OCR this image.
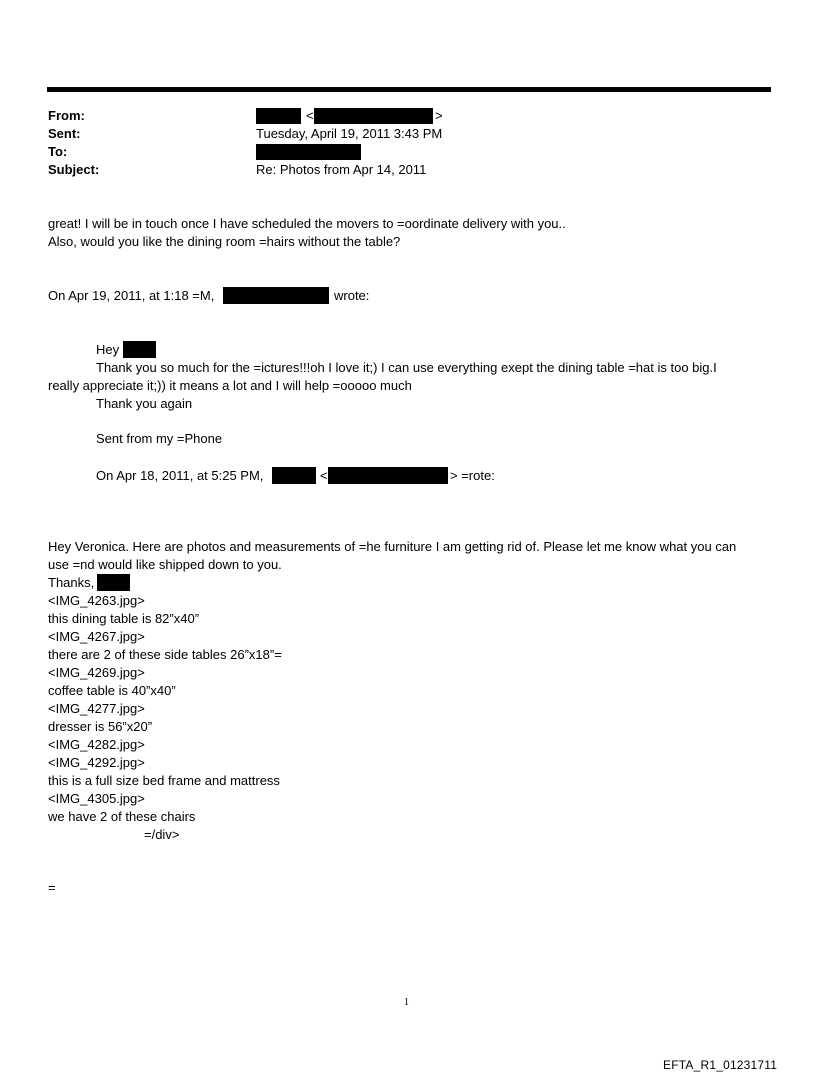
From:	<	>
Sent:	Tuesday, April 19, 2011 3:43 PM
To:
Subject:	Re: Photos from Apr 14, 2011
great! I will be in touch once I have scheduled the movers to =oordinate delivery with you..
Also, would you like the dining room =hairs without the table?
On Apr 19, 2011, at 1:18 =M,	wrote:
Hey
Thank you so much for the =ictures!!!oh I love it;) I can use everything exept the dining table =hat is too big.I
really appreciate it;)) it means a lot and I will help =ooooo much
Thank you again
Sent from my =Phone
On Apr 18, 2011, at 5:25 PM,	<	> =rote:
Hey Veronica. Here are photos and measurements of =he furniture I am getting rid of. Please let me know what you can
use =nd would like shipped down to you.
Thanks,
<IMG_4263.jpg>
this dining table is 82”x40”
<IMG_4267.jpg>
there are 2 of these side tables 26”x18”=
<IMG_4269.jpg>
coffee table is 40”x40”
<IMG_4277.jpg>
dresser is 56”x20”
<IMG_4282.jpg>
<IMG_4292.jpg>
this is a full size bed frame and mattress
<IMG_4305.jpg>
we have 2 of these chairs
=/div>
=
1
EFTA_R1_01231711
